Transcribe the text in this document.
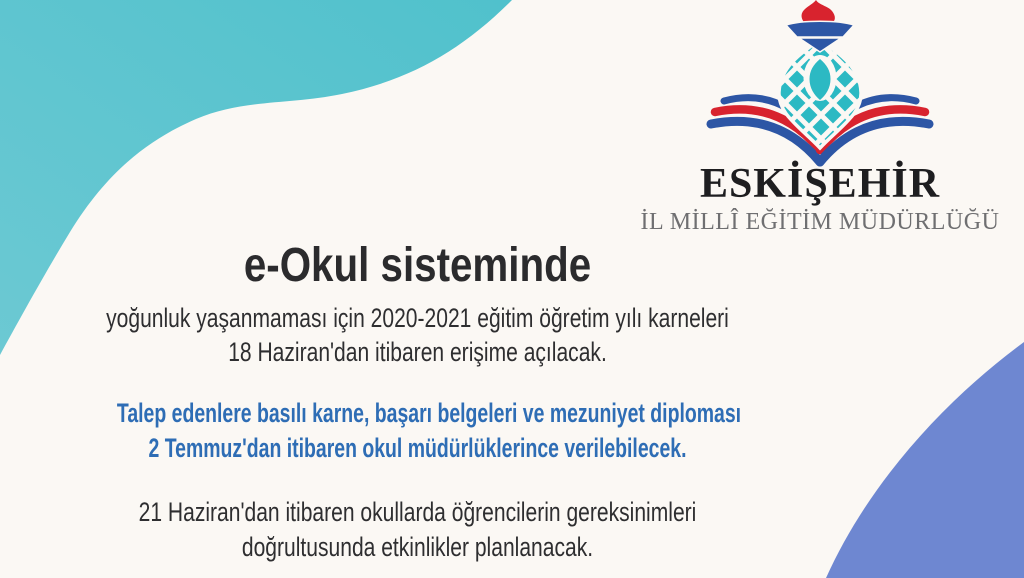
ESKİŞEHİR
İL MİLLÎ EĞİTİM MÜDÜRLÜĞÜ
e-Okul sisteminde
yoğunluk yaşanmaması için 2020-2021 eğitim öğretim yılı karneleri
18 Haziran'dan itibaren erişime açılacak.
Talep edenlere basılı karne, başarı belgeleri ve mezuniyet diploması
2 Temmuz'dan itibaren okul müdürlüklerince verilebilecek.
21 Haziran'dan itibaren okullarda öğrencilerin gereksinimleri
doğrultusunda etkinlikler planlanacak.
